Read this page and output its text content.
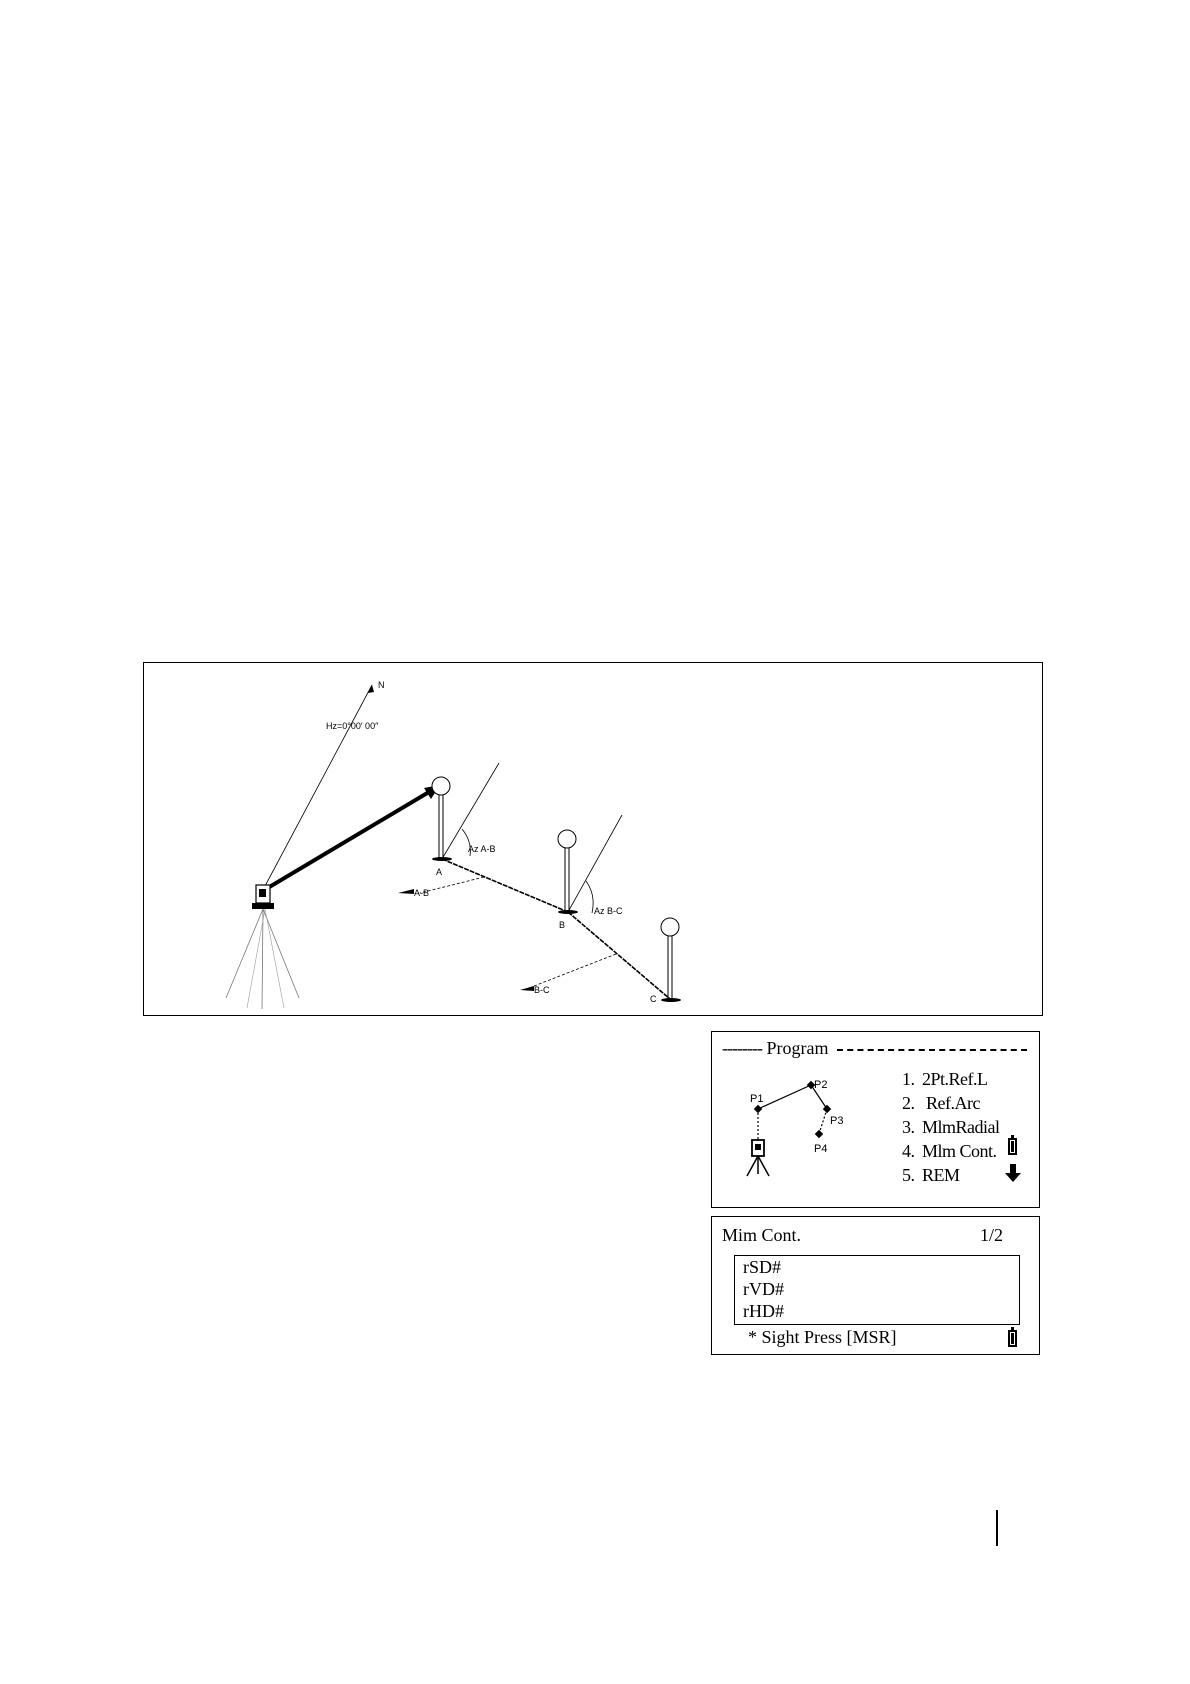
N
Hz=0°00′ 00″
A
Az A-B
A-B
B
Az B-C
B-C
C
-------- Program
P1
P2
P3
P4
1. 2Pt.Ref.L
2. Ref.Arc
3. MlmRadial
4. Mlm Cont.
5. REM
Mim Cont.	1/2
rSD#
rVD#
rHD#
* Sight Press [MSR]
